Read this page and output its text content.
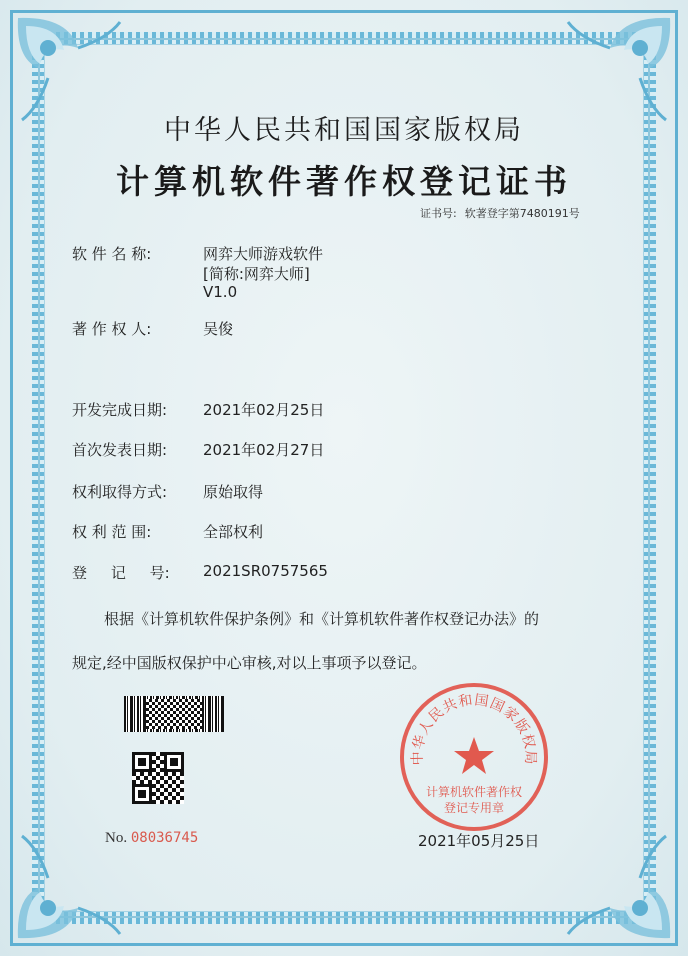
中华人民共和国国家版权局
计算机软件著作权登记证书
证书号: 软著登字第7480191号
软 件 名 称:	网弈大师游戏软件
[简称:网弈大师]
V1.0
著 作 权 人:	吴俊
开发完成日期: 2021年02月25日
首次发表日期: 2021年02月27日
权利取得方式: 原始取得
权 利 范 围:	全部权利
登     记     号: 2021SR0757565
根据《计算机软件保护条例》和《计算机软件著作权登记办法》的
规定,经中国版权保护中心审核,对以上事项予以登记。
No. 08036745
中华人民共和国国家版权局
计算机软件著作权
登记专用章
2021年05月25日
